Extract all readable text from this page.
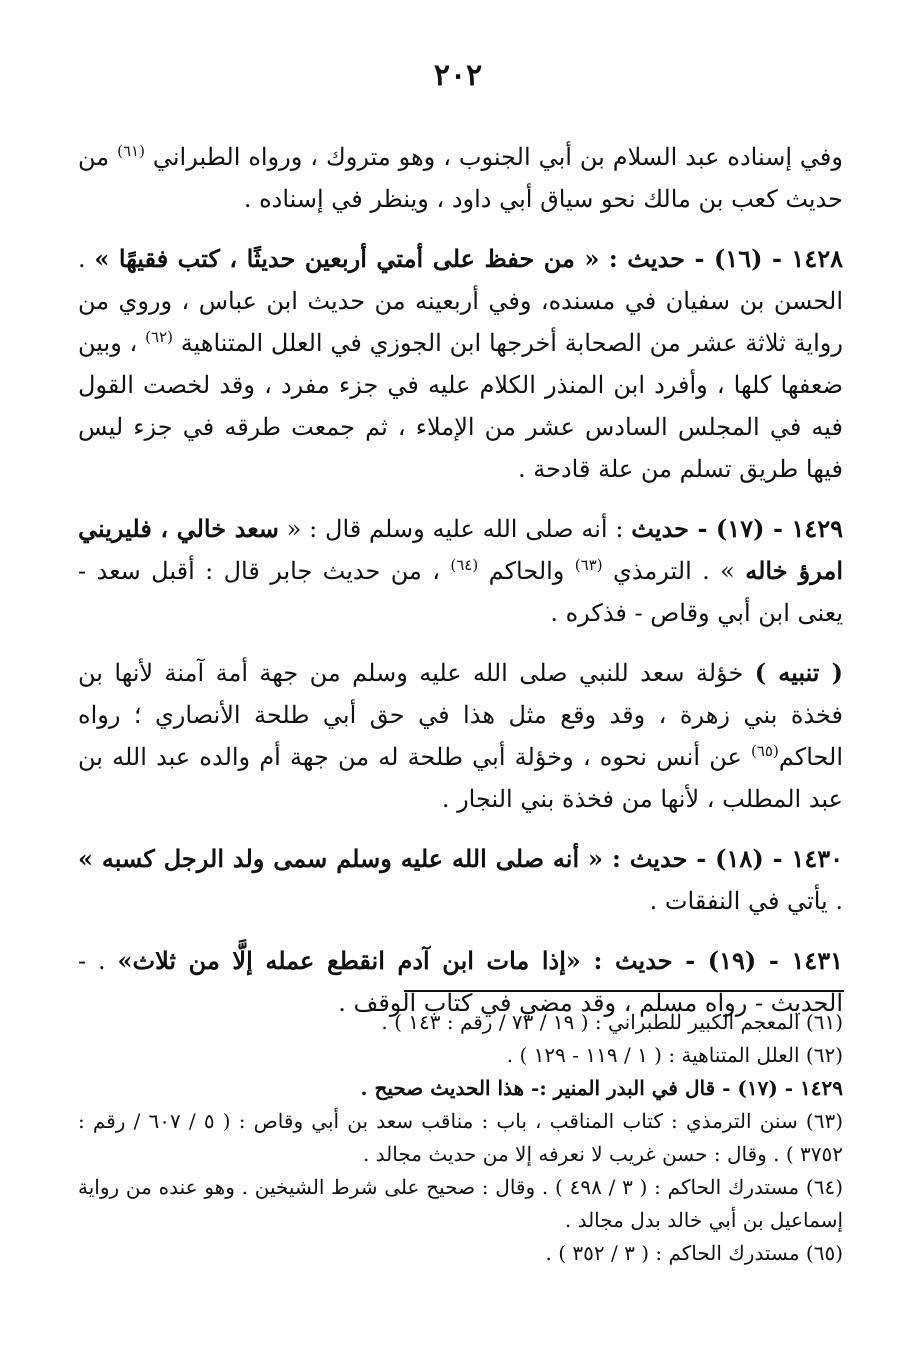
٢٠٢

وفي إسناده عبد السلام بن أبي الجنوب ، وهو متروك ، ورواه الطبراني $^{(٦١)}$ من حديث كعب بن مالك نحو سياق أبي داود ، وينظر في إسناده .

١٤٢٨ - (١٦) - حديث : « من حفظ على أمتي أربعين حديثًا ، كتب فقيهًا » . الحسن بن سفيان في مسنده، وفي أربعينه من حديث ابن عباس ، وروي من رواية ثلاثة عشر من الصحابة أخرجها ابن الجوزي في العلل المتناهية $^{(٦٢)}$ ، وبين ضعفها كلها ، وأفرد ابن المنذر الكلام عليه في جزء مفرد ، وقد لخصت القول فيه في المجلس السادس عشر من الإملاء ، ثم جمعت طرقه في جزء ليس فيها طريق تسلم من علة قادحة .

١٤٢٩ - (١٧) - حديث : أنه صلى الله عليه وسلم قال : « سعد خالي ، فليريني امرؤ خاله » . الترمذي $^{(٦٣)}$ والحاكم $^{(٦٤)}$ ، من حديث جابر قال : أقبل سعد - يعنى ابن أبي وقاص - فذكره .

( تنبيه ) خؤلة سعد للنبي صلى الله عليه وسلم من جهة أمة آمنة لأنها بن فخذة بني زهرة ، وقد وقع مثل هذا في حق أبي طلحة الأنصاري ؛ رواه الحاكم$^{(٦٥)}$ عن أنس نحوه ، وخؤلة أبي طلحة له من جهة أم والده عبد الله بن عبد المطلب ، لأنها من فخذة بني النجار .

١٤٣٠ - (١٨) - حديث : « أنه صلى الله عليه وسلم سمى ولد الرجل كسبه » . يأتي في النفقات .

١٤٣١ - (١٩) - حديث : «إذا مات ابن آدم انقطع عمله إلَّا من ثلاث» . - الحديث - رواه مسلم ، وقد مضي في كتاب الوقف .

(٦١) المعجم الكبير للطبراني : ( ١٩ / ٧٣ / رقم : ١٤٣ ) .

(٦٢) العلل المتناهية : ( ١ / ١١٩ - ١٢٩ ) .

١٤٢٩ - (١٧) - قال في البدر المنير :- هذا الحديث صحيح .

(٦٣) سنن الترمذي : كتاب المناقب ، باب : مناقب سعد بن أبي وقاص : ( ٥ / ٦٠٧ / رقم : ٣٧٥٢ ) . وقال : حسن غريب لا نعرفه إلا من حديث مجالد .

(٦٤) مستدرك الحاكم : ( ٣ / ٤٩٨ ) . وقال : صحيح على شرط الشيخين . وهو عنده من رواية إسماعيل بن أبي خالد بدل مجالد .

(٦٥) مستدرك الحاكم : ( ٣ / ٣٥٢ ) .
